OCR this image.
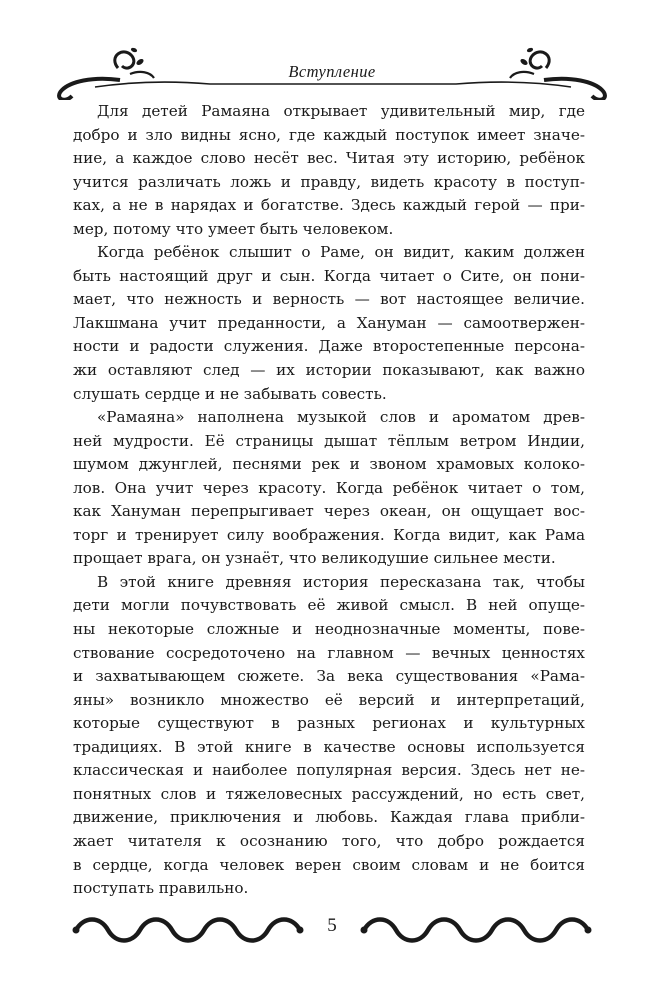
Вступление

Для детей Рамаяна открывает удивительный мир, где
добро и зло видны ясно, где каждый поступок имеет значе-
ние, а каждое слово несёт вес. Читая эту историю, ребёнок
учится различать ложь и правду, видеть красоту в поступ-
ках, а не в нарядах и богатстве. Здесь каждый герой — при-
мер, потому что умеет быть человеком.

Когда ребёнок слышит о Раме, он видит, каким должен
быть настоящий друг и сын. Когда читает о Сите, он пони-
мает, что нежность и верность — вот настоящее величие.
Лакшмана учит преданности, а Хануман — самоотвержен-
ности и радости служения. Даже второстепенные персона-
жи оставляют след — их истории показывают, как важно
слушать сердце и не забывать совесть.

«Рамаяна» наполнена музыкой слов и ароматом древ-
ней мудрости. Её страницы дышат тёплым ветром Индии,
шумом джунглей, песнями рек и звоном храмовых колоко-
лов. Она учит через красоту. Когда ребёнок читает о том,
как Хануман перепрыгивает через океан, он ощущает вос-
торг и тренирует силу воображения. Когда видит, как Рама
прощает врага, он узнаёт, что великодушие сильнее мести.

В этой книге древняя история пересказана так, чтобы
дети могли почувствовать её живой смысл. В ней опуще-
ны некоторые сложные и неоднозначные моменты, пове-
ствование сосредоточено на главном — вечных ценностях
и захватывающем сюжете. За века существования «Рама-
яны» возникло множество её версий и интерпретаций,
которые существуют в разных регионах и культурных
традициях. В этой книге в качестве основы используется
классическая и наиболее популярная версия. Здесь нет не-
понятных слов и тяжеловесных рассуждений, но есть свет,
движение, приключения и любовь. Каждая глава прибли-
жает читателя к осознанию того, что добро рождается
в сердце, когда человек верен своим словам и не боится
поступать правильно.

5
